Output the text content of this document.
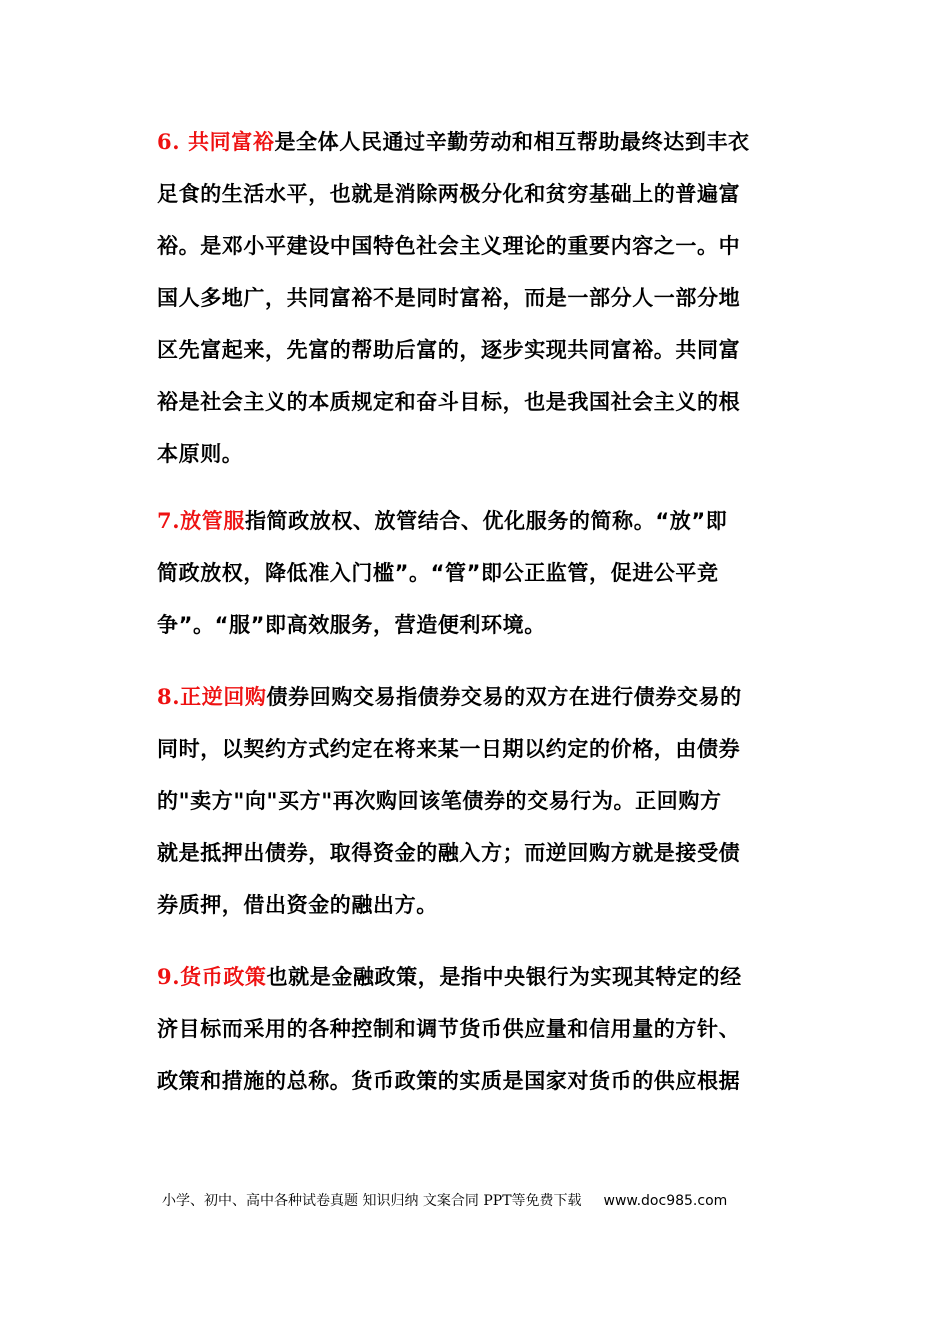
6. 共同富裕是全体人民通过辛勤劳动和相互帮助最终达到丰衣
足食的生活水平，也就是消除两极分化和贫穷基础上的普遍富
裕。是邓小平建设中国特色社会主义理论的重要内容之一。中
国人多地广，共同富裕不是同时富裕，而是一部分人一部分地
区先富起来，先富的帮助后富的，逐步实现共同富裕。共同富
裕是社会主义的本质规定和奋斗目标，也是我国社会主义的根
本原则。
7.放管服指简政放权、放管结合、优化服务的简称。“放”即
简政放权，降低准入门槛”。“管”即公正监管，促进公平竞
争”。“服”即高效服务，营造便利环境。
8.正逆回购债券回购交易指债券交易的双方在进行债券交易的
同时，以契约方式约定在将来某一日期以约定的价格，由债券
的"卖方"向"买方"再次购回该笔债券的交易行为。正回购方
就是抵押出债券，取得资金的融入方；而逆回购方就是接受债
券质押，借出资金的融出方。
9.货币政策也就是金融政策，是指中央银行为实现其特定的经
济目标而采用的各种控制和调节货币供应量和信用量的方针、
政策和措施的总称。货币政策的实质是国家对货币的供应根据
小学、初中、高中各种试卷真题 知识归纳 文案合同 PPT等免费下载 www.doc985.com
